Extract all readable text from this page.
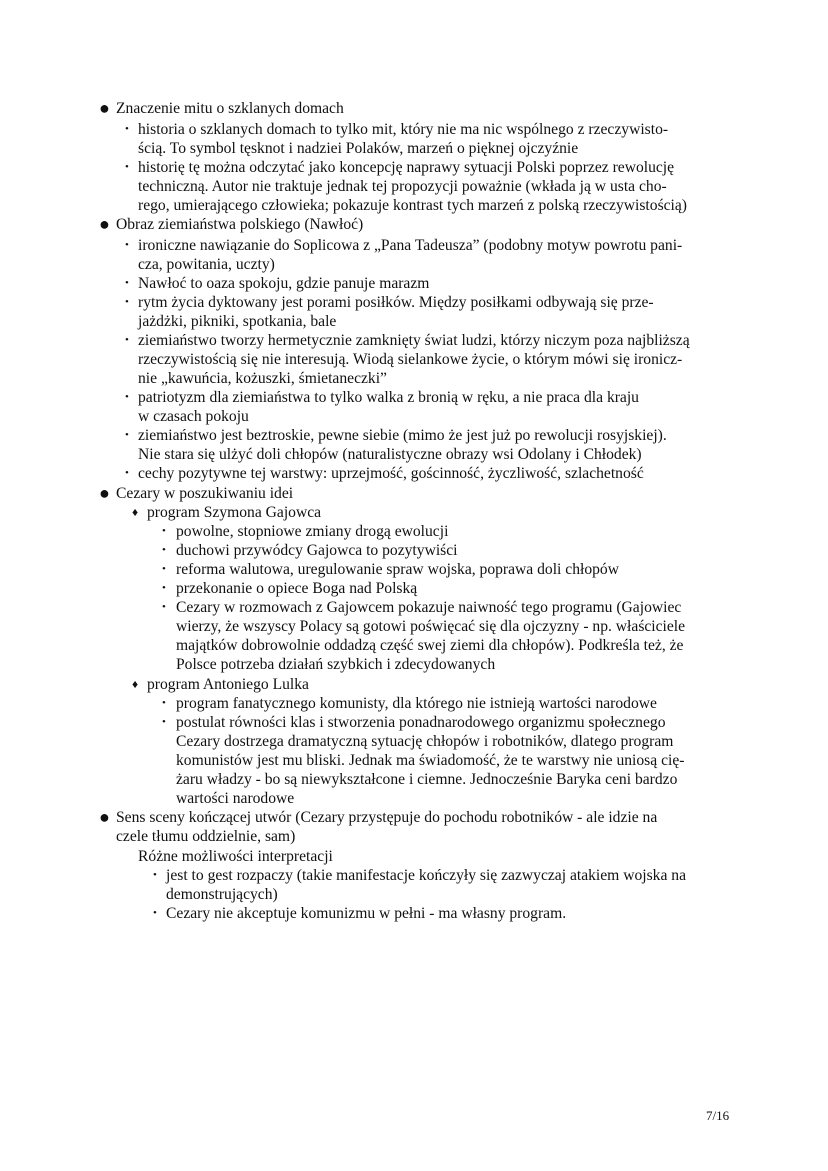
● Znaczenie mitu o szklanych domach
• historia o szklanych domach to tylko mit, który nie ma nic wspólnego z rzeczywisto-
ścią. To symbol tęsknot i nadziei Polaków, marzeń o pięknej ojczyźnie
• historię tę można odczytać jako koncepcję naprawy sytuacji Polski poprzez rewolucję
techniczną. Autor nie traktuje jednak tej propozycji poważnie (wkłada ją w usta cho-
rego, umierającego człowieka; pokazuje kontrast tych marzeń z polską rzeczywistością)
● Obraz ziemiaństwa polskiego (Nawłoć)
• ironiczne nawiązanie do Soplicowa z „Pana Tadeusza” (podobny motyw powrotu pani-
cza, powitania, uczty)
• Nawłoć to oaza spokoju, gdzie panuje marazm
• rytm życia dyktowany jest porami posiłków. Między posiłkami odbywają się prze-
jażdżki, pikniki, spotkania, bale
• ziemiaństwo tworzy hermetycznie zamknięty świat ludzi, którzy niczym poza najbliższą
rzeczywistością się nie interesują. Wiodą sielankowe życie, o którym mówi się ironicz-
nie „kawuńcia, kożuszki, śmietaneczki”
• patriotyzm dla ziemiaństwa to tylko walka z bronią w ręku, a nie praca dla kraju
w czasach pokoju
• ziemiaństwo jest beztroskie, pewne siebie (mimo że jest już po rewolucji rosyjskiej).
Nie stara się ulżyć doli chłopów (naturalistyczne obrazy wsi Odolany i Chłodek)
• cechy pozytywne tej warstwy: uprzejmość, gościnność, życzliwość, szlachetność
● Cezary w poszukiwaniu idei
♦ program Szymona Gajowca
• powolne, stopniowe zmiany drogą ewolucji
• duchowi przywódcy Gajowca to pozytywiści
• reforma walutowa, uregulowanie spraw wojska, poprawa doli chłopów
• przekonanie o opiece Boga nad Polską
• Cezary w rozmowach z Gajowcem pokazuje naiwność tego programu (Gajowiec
wierzy, że wszyscy Polacy są gotowi poświęcać się dla ojczyzny - np. właściciele
majątków dobrowolnie oddadzą część swej ziemi dla chłopów). Podkreśla też, że
Polsce potrzeba działań szybkich i zdecydowanych
♦ program Antoniego Lulka
• program fanatycznego komunisty, dla którego nie istnieją wartości narodowe
• postulat równości klas i stworzenia ponadnarodowego organizmu społecznego
Cezary dostrzega dramatyczną sytuację chłopów i robotników, dlatego program
komunistów jest mu bliski. Jednak ma świadomość, że te warstwy nie uniosą cię-
żaru władzy - bo są niewykształcone i ciemne. Jednocześnie Baryka ceni bardzo
wartości narodowe
● Sens sceny kończącej utwór (Cezary przystępuje do pochodu robotników - ale idzie na
czele tłumu oddzielnie, sam)
Różne możliwości interpretacji
• jest to gest rozpaczy (takie manifestacje kończyły się zazwyczaj atakiem wojska na
demonstrujących)
• Cezary nie akceptuje komunizmu w pełni - ma własny program.
7/16
